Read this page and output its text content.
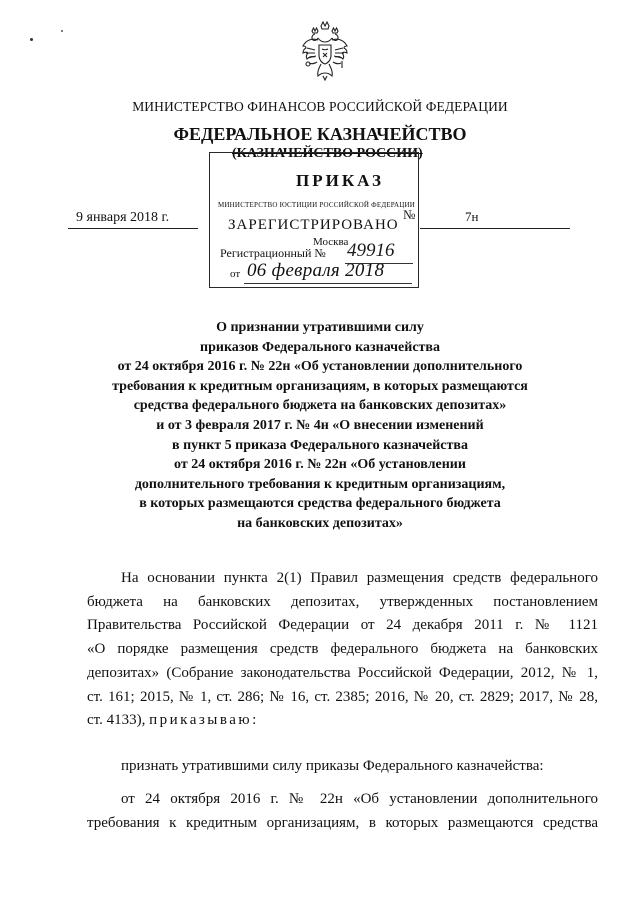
МИНИСТЕРСТВО ФИНАНСОВ РОССИЙСКОЙ ФЕДЕРАЦИИ
ФЕДЕРАЛЬНОЕ КАЗНАЧЕЙСТВО
(КАЗНАЧЕЙСТВО РОССИИ)
ПРИКАЗ
МИНИСТЕРСТВО ЮСТИЦИИ РОССИЙСКОЙ ФЕДЕРАЦИИ
ЗАРЕГИСТРИРОВАНО
Москва
Регистрационный № 49916
от 06 февраля 2018
9 января 2018 г.	№	7н
О признании утратившими силу
приказов Федерального казначейства
от 24 октября 2016 г. № 22н «Об установлении дополнительного
требования к кредитным организациям, в которых размещаются
средства федерального бюджета на банковских депозитах»
и от 3 февраля 2017 г. № 4н «О внесении изменений
в пункт 5 приказа Федерального казначейства
от 24 октября 2016 г. № 22н «Об установлении
дополнительного требования к кредитным организациям,
в которых размещаются средства федерального бюджета
на банковских депозитах»
На основании пункта 2(1) Правил размещения средств федерального
бюджета на банковских депозитах, утвержденных постановлением
Правительства Российской Федерации от 24 декабря 2011 г. № 1121
«О порядке размещения средств федерального бюджета на банковских
депозитах» (Собрание законодательства Российской Федерации, 2012, № 1,
ст. 161; 2015, № 1, ст. 286; № 16, ст. 2385; 2016, № 20, ст. 2829; 2017, № 28,
ст. 4133), приказываю:
признать утратившими силу приказы Федерального казначейства:
от 24 октября 2016 г. № 22н «Об установлении дополнительного
требования к кредитным организациям, в которых размещаются средства
